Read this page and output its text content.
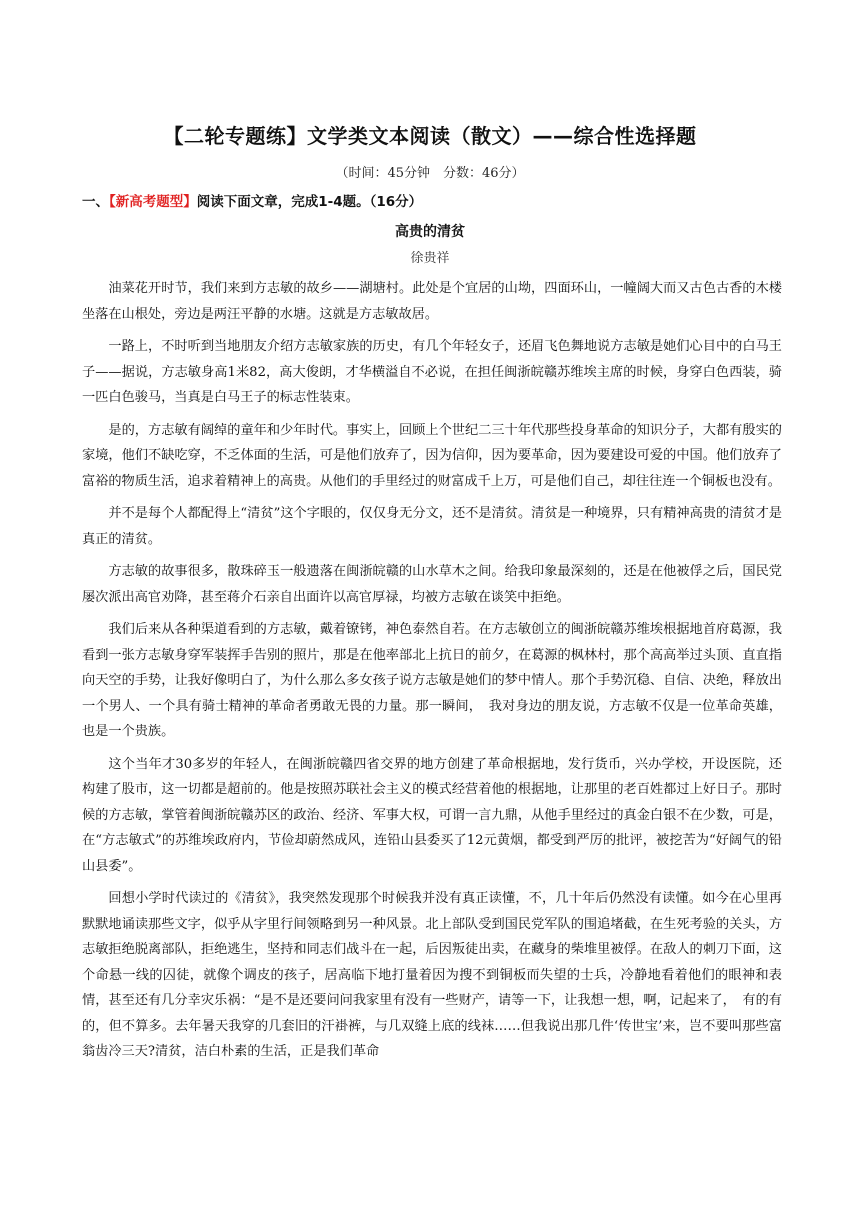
【二轮专题练】文学类文本阅读（散文）——综合性选择题
（时间：45分钟　分数：46分）
一、【新高考题型】阅读下面文章，完成1-4题。（16分）
高贵的清贫
徐贵祥

油菜花开时节，我们来到方志敏的故乡——湖塘村。此处是个宜居的山坳，四面环山，一幢阔大而又古色古香的木楼坐落在山根处，旁边是两汪平静的水塘。这就是方志敏故居。

一路上，不时听到当地朋友介绍方志敏家族的历史，有几个年轻女子，还眉飞色舞地说方志敏是她们心目中的白马王子——据说，方志敏身高1米82，高大俊朗，才华横溢自不必说，在担任闽浙皖赣苏维埃主席的时候，身穿白色西装，骑一匹白色骏马，当真是白马王子的标志性装束。

是的，方志敏有阔绰的童年和少年时代。事实上，回顾上个世纪二三十年代那些投身革命的知识分子，大都有殷实的家境，他们不缺吃穿，不乏体面的生活，可是他们放弃了，因为信仰，因为要革命，因为要建设可爱的中国。他们放弃了富裕的物质生活，追求着精神上的高贵。从他们的手里经过的财富成千上万，可是他们自己，却往往连一个铜板也没有。

并不是每个人都配得上“清贫”这个字眼的，仅仅身无分文，还不是清贫。清贫是一种境界，只有精神高贵的清贫才是真正的清贫。

方志敏的故事很多，散珠碎玉一般遗落在闽浙皖赣的山水草木之间。给我印象最深刻的，还是在他被俘之后，国民党屡次派出高官劝降，甚至蒋介石亲自出面许以高官厚禄，均被方志敏在谈笑中拒绝。

我们后来从各种渠道看到的方志敏，戴着镣铐，神色泰然自若。在方志敏创立的闽浙皖赣苏维埃根据地首府葛源，我看到一张方志敏身穿军装挥手告别的照片，那是在他率部北上抗日的前夕，在葛源的枫林村，那个高高举过头顶、直直指向天空的手势，让我好像明白了，为什么那么多女孩子说方志敏是她们的梦中情人。那个手势沉稳、自信、决绝，释放出一个男人、一个具有骑士精神的革命者勇敢无畏的力量。那一瞬间，　我对身边的朋友说，方志敏不仅是一位革命英雄，也是一个贵族。

这个当年才30多岁的年轻人，在闽浙皖赣四省交界的地方创建了革命根据地，发行货币，兴办学校，开设医院，还构建了股市，这一切都是超前的。他是按照苏联社会主义的模式经营着他的根据地，让那里的老百姓都过上好日子。那时候的方志敏，掌管着闽浙皖赣苏区的政治、经济、军事大权，可谓一言九鼎，从他手里经过的真金白银不在少数，可是，在“方志敏式”的苏维埃政府内，节俭却蔚然成风，连铅山县委买了12元黄烟，都受到严厉的批评，被挖苦为“好阔气的铅山县委”。

回想小学时代读过的《清贫》，我突然发现那个时候我并没有真正读懂，不，几十年后仍然没有读懂。如今在心里再默默地诵读那些文字，似乎从字里行间领略到另一种风景。北上部队受到国民党军队的围追堵截，在生死考验的关头，方志敏拒绝脱离部队，拒绝逃生，坚持和同志们战斗在一起，后因叛徒出卖，在藏身的柴堆里被俘。在敌人的刺刀下面，这个命悬一线的囚徒，就像个调皮的孩子，居高临下地打量着因为搜不到铜板而失望的士兵，冷静地看着他们的眼神和表情，甚至还有几分幸灾乐祸：“是不是还要问问我家里有没有一些财产，请等一下，让我想一想，啊，记起来了，　有的有的，但不算多。去年暑天我穿的几套旧的汗褂裤，与几双缝上底的线袜……但我说出那几件‘传世宝’来，岂不要叫那些富翁齿冷三天?清贫，洁白朴素的生活，正是我们革命
